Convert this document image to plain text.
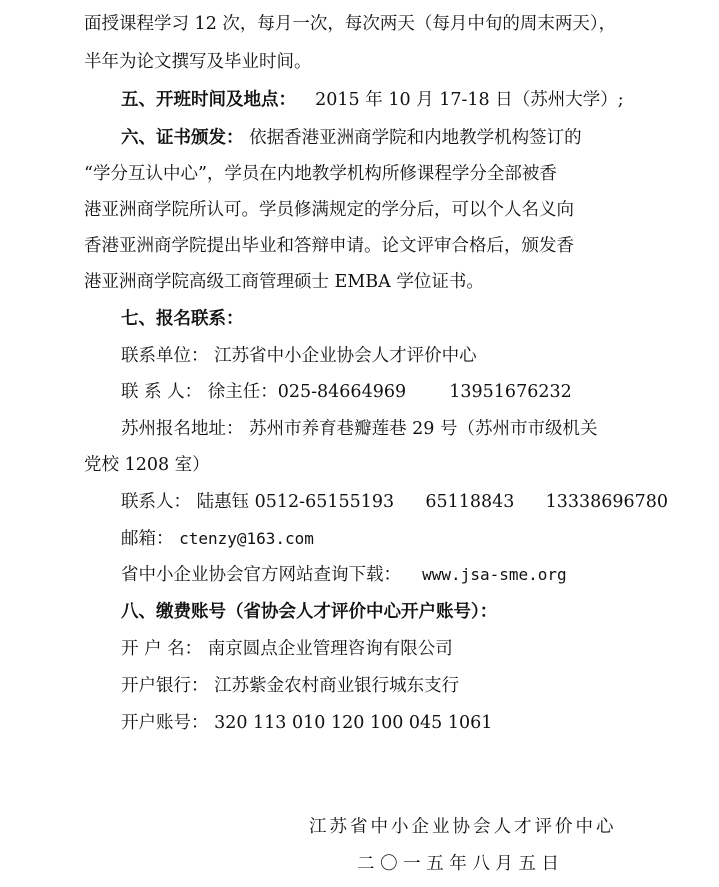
面授课程学习 12 次，每月一次，每次两天（每月中旬的周末两天），
半年为论文撰写及毕业时间。
五、开班时间及地点： 2015 年 10 月 17-18 日（苏州大学）;
六、证书颁发： 依据香港亚洲商学院和内地教学机构签订的
“学分互认中心”，学员在内地教学机构所修课程学分全部被香
港亚洲商学院所认可。学员修满规定的学分后，可以个人名义向
香港亚洲商学院提出毕业和答辩申请。论文评审合格后，颁发香
港亚洲商学院高级工商管理硕士 EMBA 学位证书。
七、报名联系：
联系单位： 江苏省中小企业协会人才评价中心
联 系 人： 徐主任：025-84664969 13951676232
苏州报名地址： 苏州市养育巷瓣莲巷 29 号（苏州市市级机关
党校 1208 室）
联系人： 陆惠钰 0512-65155193 65118843 13338696780
邮箱： ctenzy@163.com
省中小企业协会官方网站查询下载： www.jsa-sme.org
八、缴费账号（省协会人才评价中心开户账号）：
开 户 名： 南京圆点企业管理咨询有限公司
开户银行： 江苏紫金农村商业银行城东支行
开户账号： 320 113 010 120 100 045 1061
江苏省中小企业协会人才评价中心
二 〇 一 五 年 八 月 五 日
